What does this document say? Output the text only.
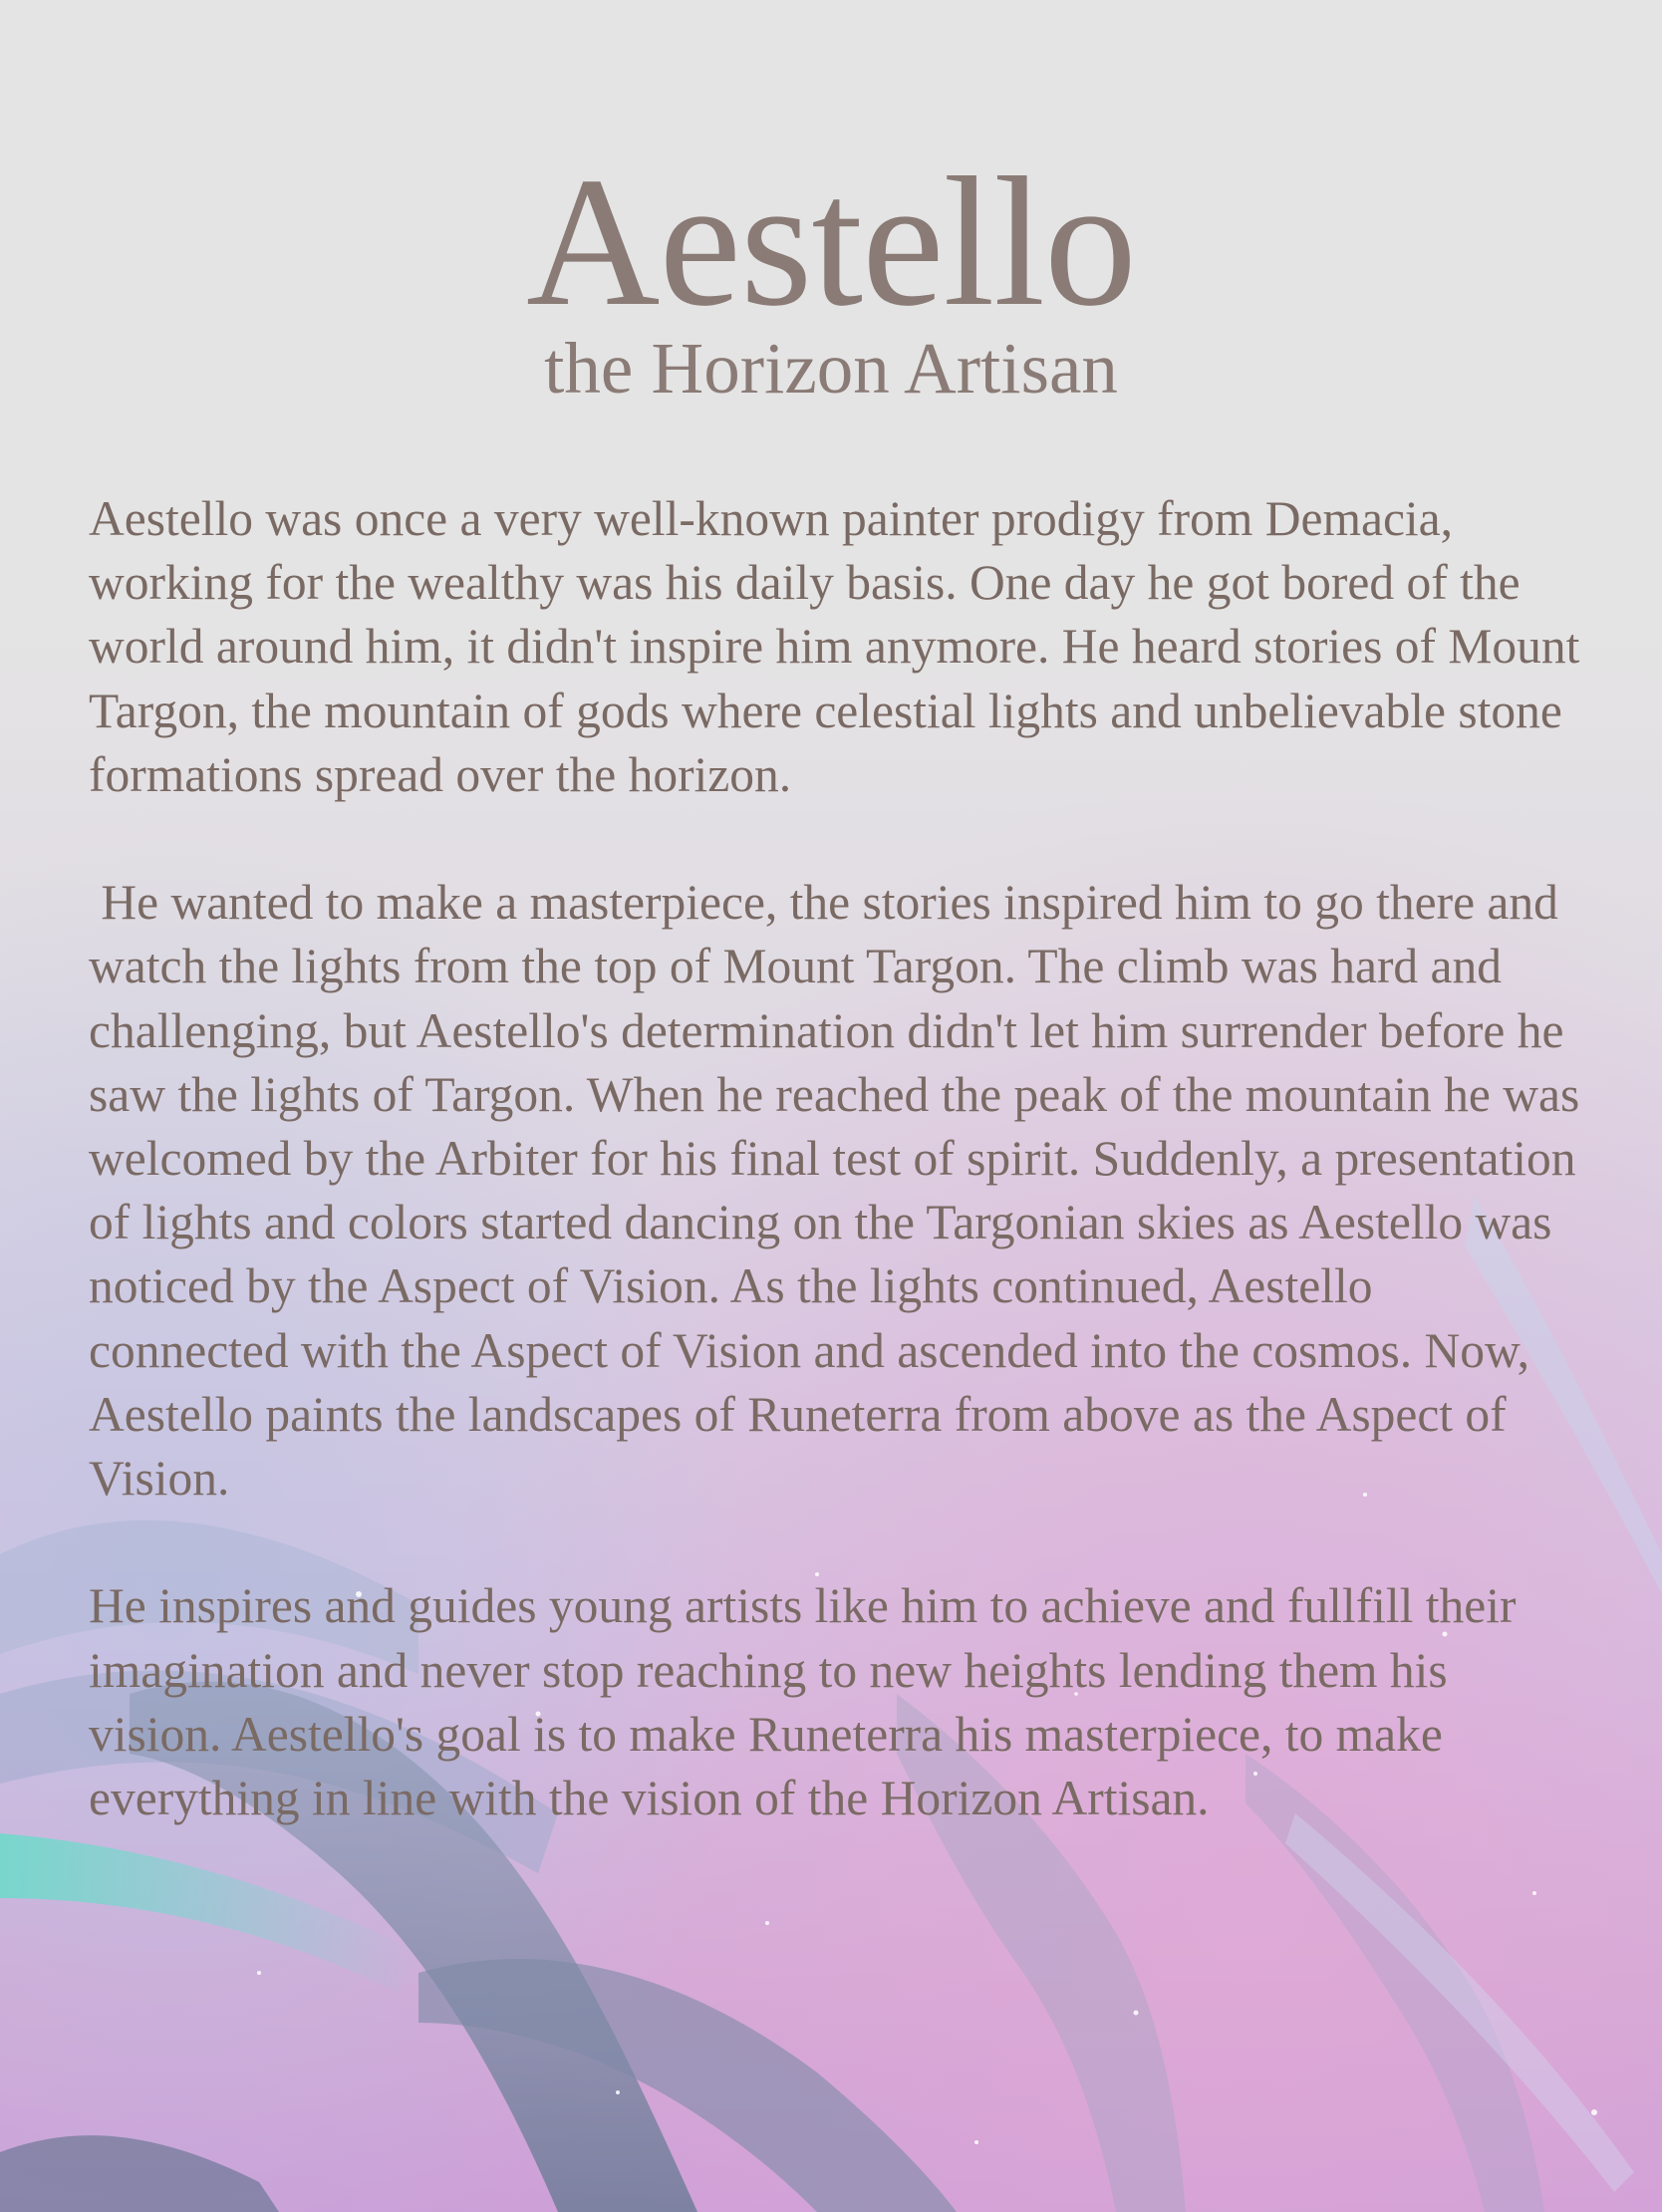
Aestello
the Horizon Artisan

Aestello was once a very well-known painter prodigy from Demacia, working for the wealthy was his daily basis. One day he got bored of the world around him, it didn't inspire him anymore. He heard stories of Mount Targon, the mountain of gods where celestial lights and unbelievable stone formations spread over the horizon.

He wanted to make a masterpiece, the stories inspired him to go there and watch the lights from the top of Mount Targon. The climb was hard and challenging, but Aestello's determination didn't let him surrender before he saw the lights of Targon. When he reached the peak of the mountain he was welcomed by the Arbiter for his final test of spirit. Suddenly, a presentation of lights and colors started dancing on the Targonian skies as Aestello was noticed by the Aspect of Vision. As the lights continued, Aestello connected with the Aspect of Vision and ascended into the cosmos. Now, Aestello paints the landscapes of Runeterra from above as the Aspect of Vision.

He inspires and guides young artists like him to achieve and fullfill their imagination and never stop reaching to new heights lending them his vision. Aestello's goal is to make Runeterra his masterpiece, to make everything in line with the vision of the Horizon Artisan.
